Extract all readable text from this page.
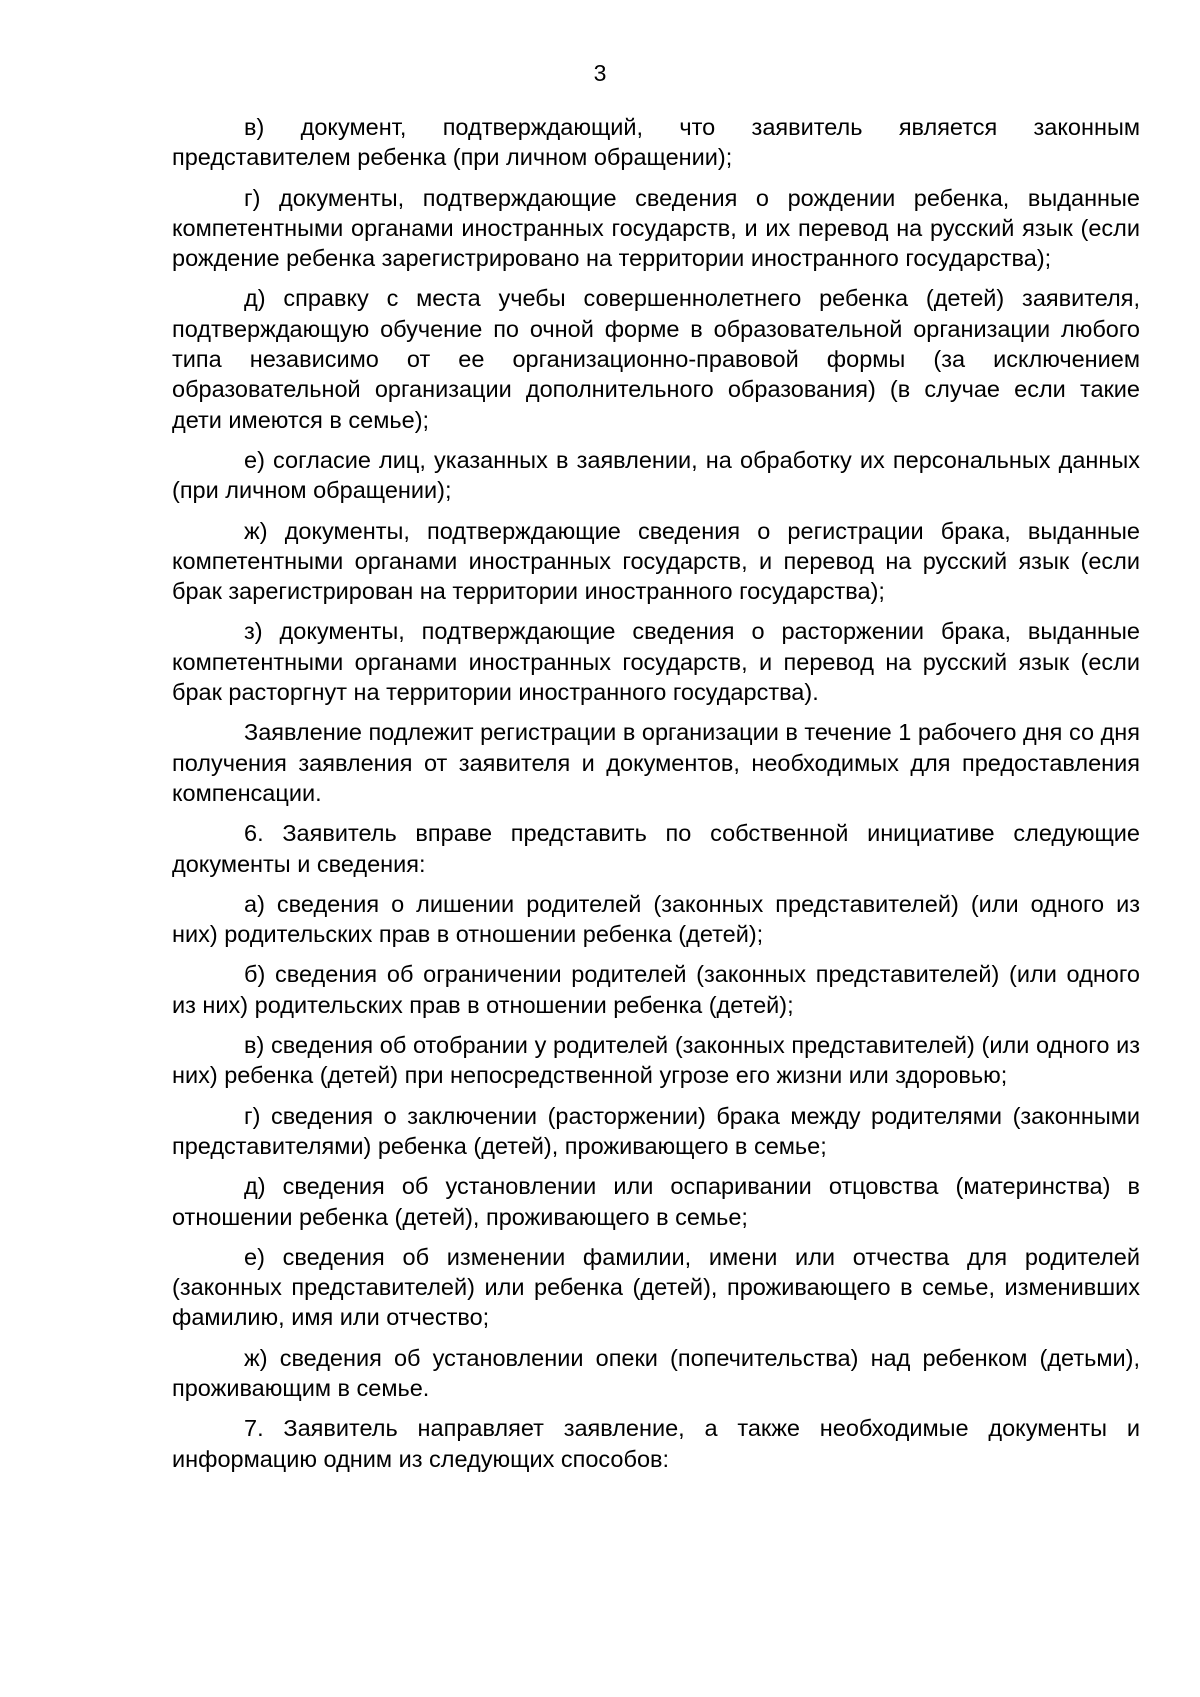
3

в) документ, подтверждающий, что заявитель является законным представителем ребенка (при личном обращении);

г) документы, подтверждающие сведения о рождении ребенка, выданные компетентными органами иностранных государств, и их перевод на русский язык (если рождение ребенка зарегистрировано на территории иностранного государства);

д) справку с места учебы совершеннолетнего ребенка (детей) заявителя, подтверждающую обучение по очной форме в образовательной организации любого типа независимо от ее организационно-правовой формы (за исключением образовательной организации дополнительного образования) (в случае если такие дети имеются в семье);

е) согласие лиц, указанных в заявлении, на обработку их персональных данных (при личном обращении);

ж) документы, подтверждающие сведения о регистрации брака, выданные компетентными органами иностранных государств, и перевод на русский язык (если брак зарегистрирован на территории иностранного государства);

з) документы, подтверждающие сведения о расторжении брака, выданные компетентными органами иностранных государств, и перевод на русский язык (если брак расторгнут на территории иностранного государства).

Заявление подлежит регистрации в организации в течение 1 рабочего дня со дня получения заявления от заявителя и документов, необходимых для предоставления компенсации.

6. Заявитель вправе представить по собственной инициативе следующие документы и сведения:

а) сведения о лишении родителей (законных представителей) (или одного из них) родительских прав в отношении ребенка (детей);

б) сведения об ограничении родителей (законных представителей) (или одного из них) родительских прав в отношении ребенка (детей);

в) сведения об отобрании у родителей (законных представителей) (или одного из них) ребенка (детей) при непосредственной угрозе его жизни или здоровью;

г) сведения о заключении (расторжении) брака между родителями (законными представителями) ребенка (детей), проживающего в семье;

д) сведения об установлении или оспаривании отцовства (материнства) в отношении ребенка (детей), проживающего в семье;

е) сведения об изменении фамилии, имени или отчества для родителей (законных представителей) или ребенка (детей), проживающего в семье, изменивших фамилию, имя или отчество;

ж) сведения об установлении опеки (попечительства) над ребенком (детьми), проживающим в семье.

7. Заявитель направляет заявление, а также необходимые документы и информацию одним из следующих способов:
